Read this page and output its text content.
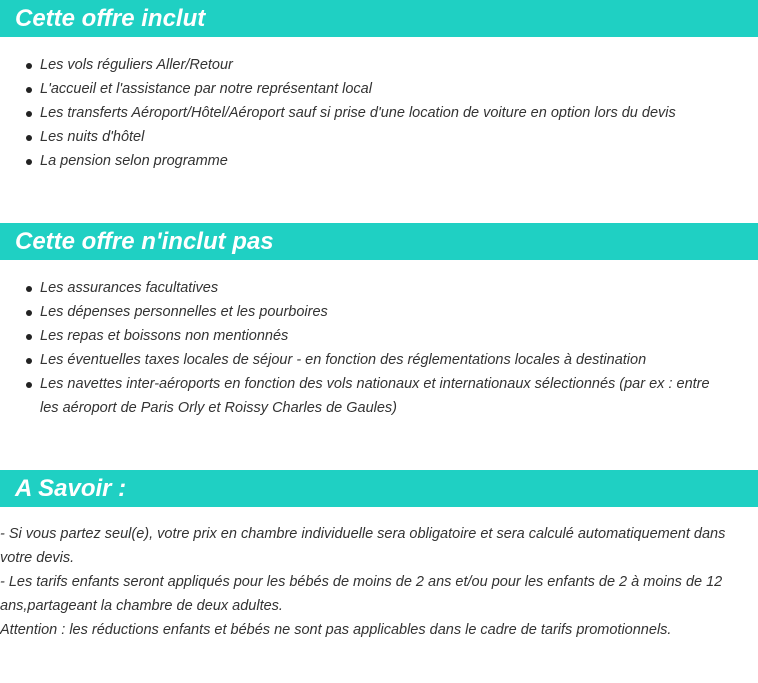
Cette offre inclut
Les vols réguliers Aller/Retour
L'accueil et l'assistance par notre représentant local
Les transferts Aéroport/Hôtel/Aéroport sauf si prise d'une location de voiture en option lors du devis
Les nuits d'hôtel
La pension selon programme
Cette offre n'inclut pas
Les assurances facultatives
Les dépenses personnelles et les pourboires
Les repas et boissons non mentionnés
Les éventuelles taxes locales de séjour - en fonction des réglementations locales à destination
Les navettes inter-aéroports en fonction des vols nationaux et internationaux sélectionnés (par ex : entre les aéroport de Paris Orly et Roissy Charles de Gaules)
A Savoir :

- Si vous partez seul(e), votre prix en chambre individuelle sera obligatoire et sera calculé automatiquement dans votre devis.

- Les tarifs enfants seront appliqués pour les bébés de moins de 2 ans et/ou pour les enfants de 2 à moins de 12 ans,partageant la chambre de deux adultes.

Attention : les réductions enfants et bébés ne sont pas applicables dans le cadre de tarifs promotionnels.
